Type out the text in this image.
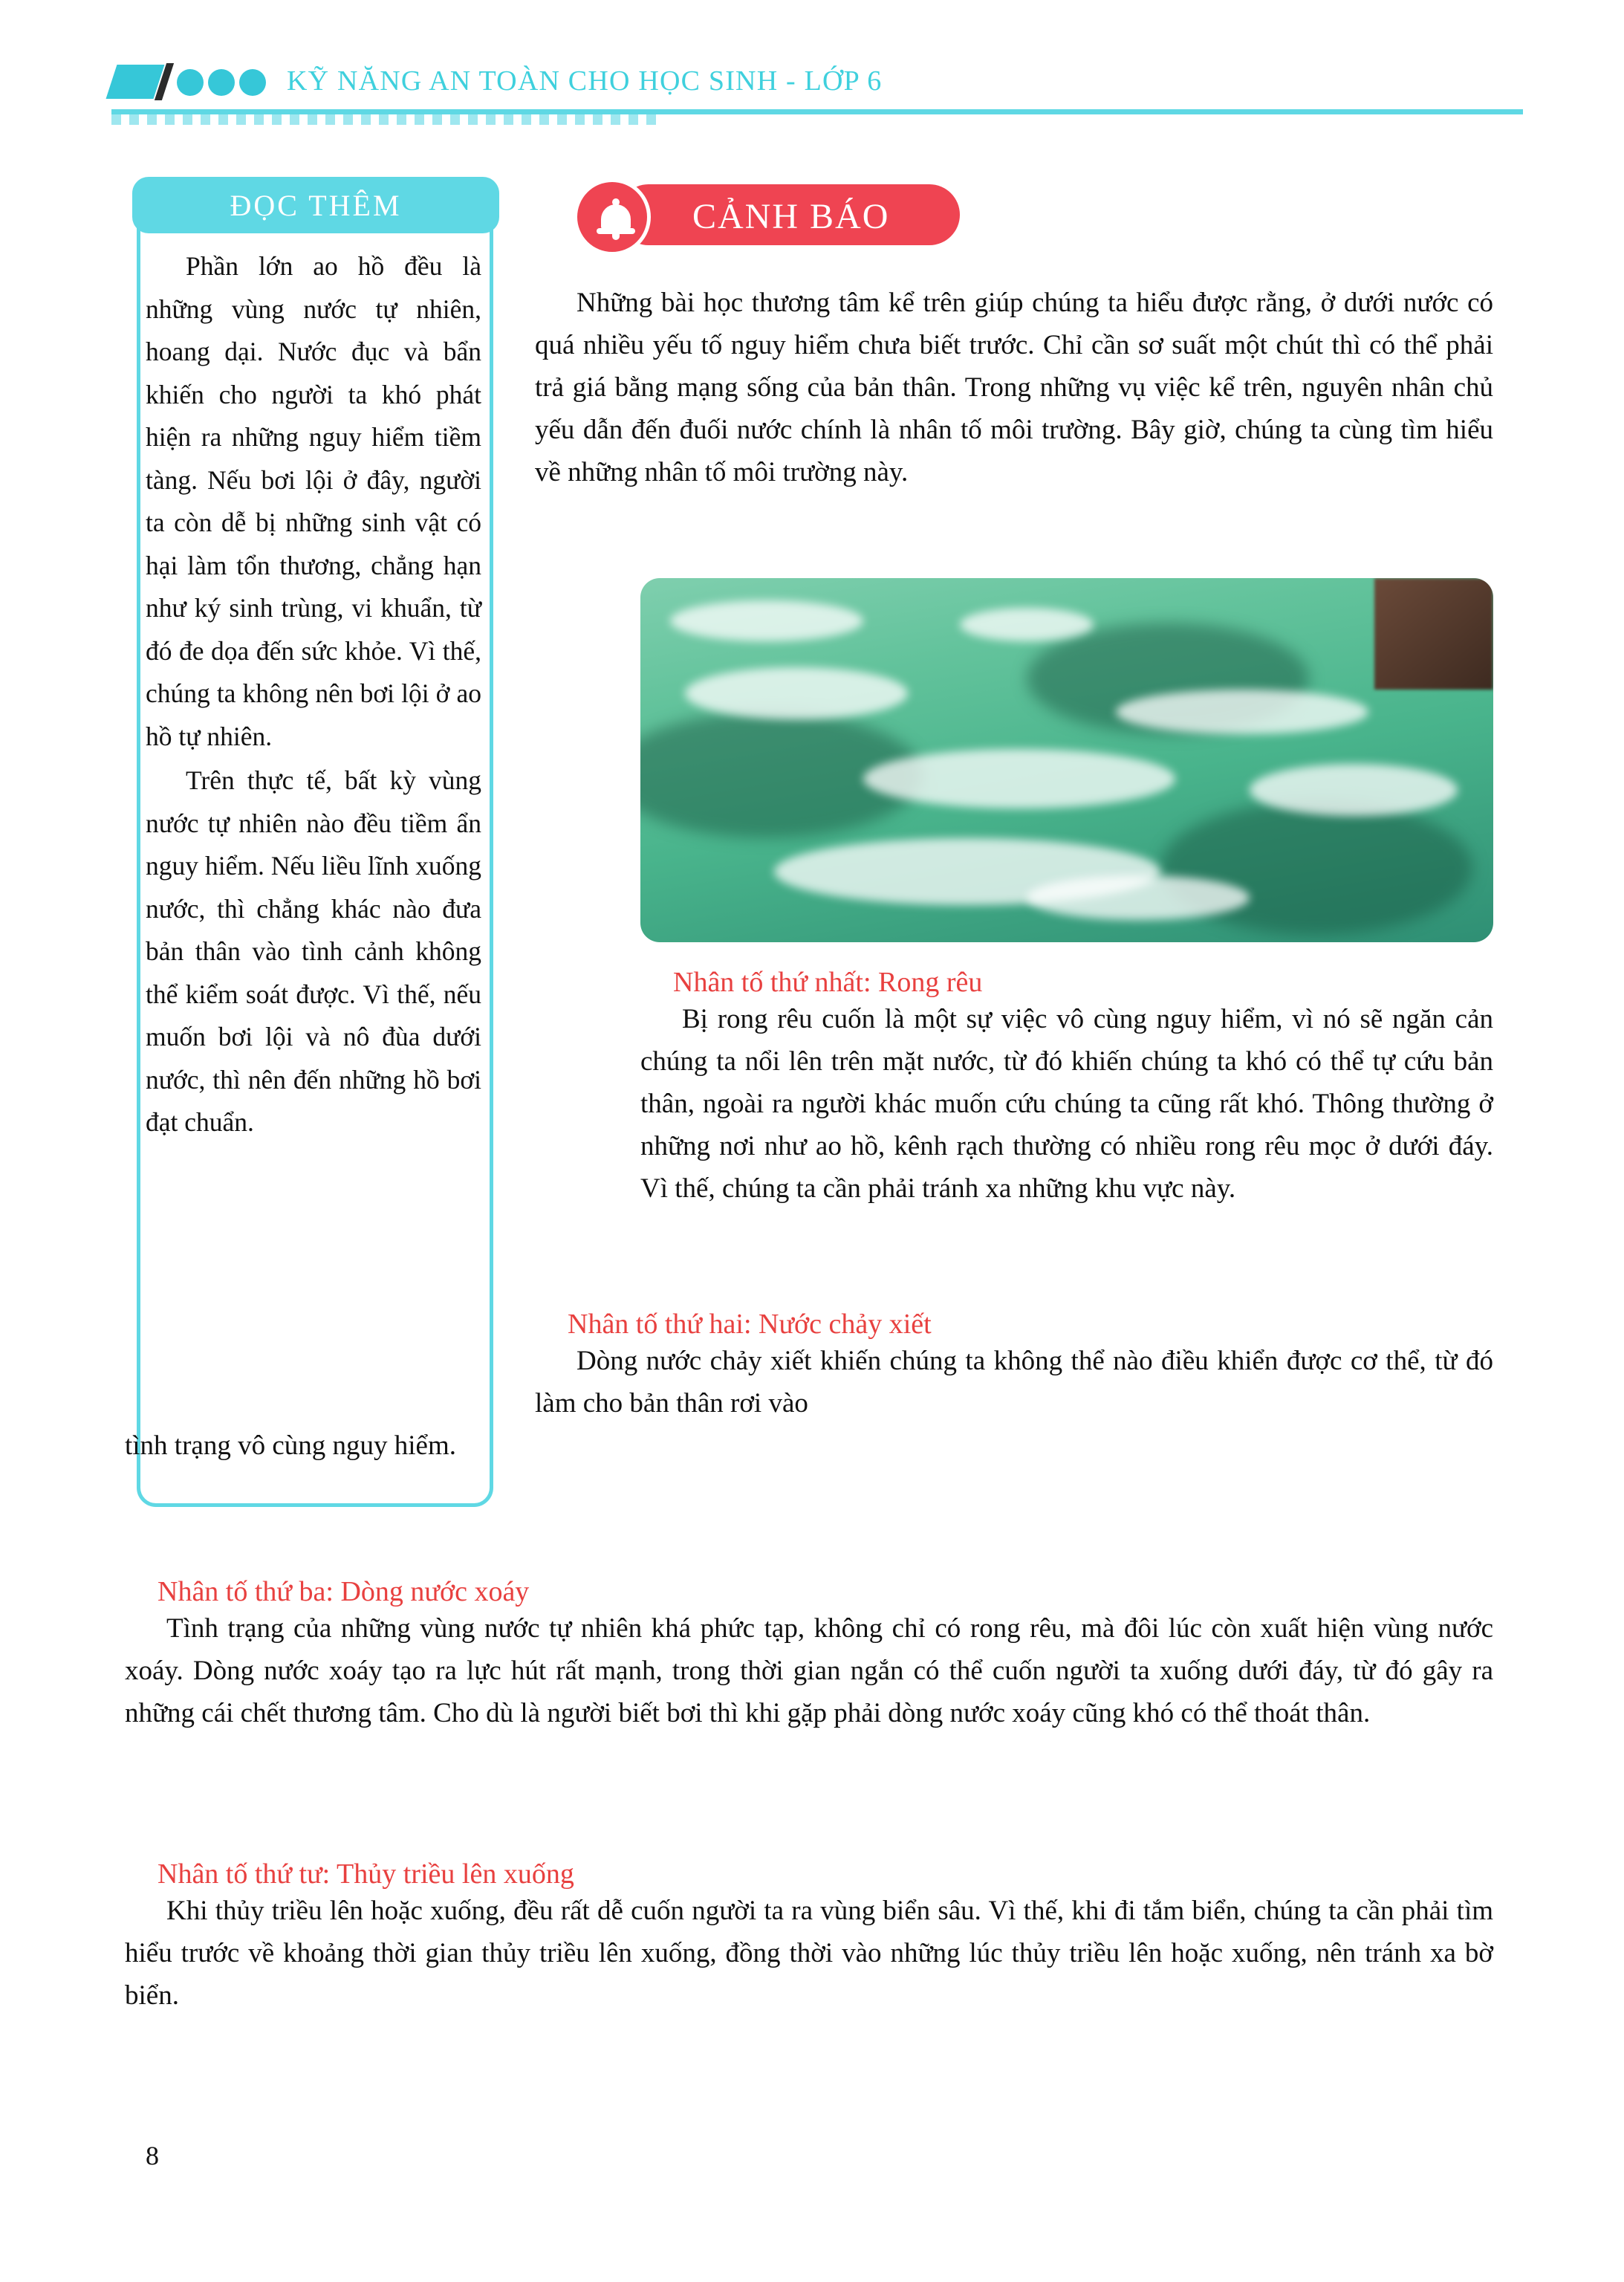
KỸ NĂNG AN TOÀN CHO HỌC SINH - LỚP 6
ĐỌC THÊM

Phần lớn ao hồ đều là những vùng nước tự nhiên, hoang dại. Nước đục và bẩn khiến cho người ta khó phát hiện ra những nguy hiểm tiềm tàng. Nếu bơi lội ở đây, người ta còn dễ bị những sinh vật có hại làm tổn thương, chẳng hạn như ký sinh trùng, vi khuẩn, từ đó đe dọa đến sức khỏe. Vì thế, chúng ta không nên bơi lội ở ao hồ tự nhiên.

Trên thực tế, bất kỳ vùng nước tự nhiên nào đều tiềm ẩn nguy hiểm. Nếu liều lĩnh xuống nước, thì chẳng khác nào đưa bản thân vào tình cảnh không thể kiểm soát được. Vì thế, nếu muốn bơi lội và nô đùa dưới nước, thì nên đến những hồ bơi đạt chuẩn.

CẢNH BÁO

Những bài học thương tâm kể trên giúp chúng ta hiểu được rằng, ở dưới nước có quá nhiều yếu tố nguy hiểm chưa biết trước. Chỉ cần sơ suất một chút thì có thể phải trả giá bằng mạng sống của bản thân. Trong những vụ việc kể trên, nguyên nhân chủ yếu dẫn đến đuối nước chính là nhân tố môi trường. Bây giờ, chúng ta cùng tìm hiểu về những nhân tố môi trường này.

Nhân tố thứ nhất: Rong rêu

Bị rong rêu cuốn là một sự việc vô cùng nguy hiểm, vì nó sẽ ngăn cản chúng ta nổi lên trên mặt nước, từ đó khiến chúng ta khó có thể tự cứu bản thân, ngoài ra người khác muốn cứu chúng ta cũng rất khó. Thông thường ở những nơi như ao hồ, kênh rạch thường có nhiều rong rêu mọc ở dưới đáy. Vì thế, chúng ta cần phải tránh xa những khu vực này.

Nhân tố thứ hai: Nước chảy xiết

Dòng nước chảy xiết khiến chúng ta không thể nào điều khiển được cơ thể, từ đó làm cho bản thân rơi vào

tình trạng vô cùng nguy hiểm.

Nhân tố thứ ba: Dòng nước xoáy

Tình trạng của những vùng nước tự nhiên khá phức tạp, không chỉ có rong rêu, mà đôi lúc còn xuất hiện vùng nước xoáy. Dòng nước xoáy tạo ra lực hút rất mạnh, trong thời gian ngắn có thể cuốn người ta xuống dưới đáy, từ đó gây ra những cái chết thương tâm. Cho dù là người biết bơi thì khi gặp phải dòng nước xoáy cũng khó có thể thoát thân.

Nhân tố thứ tư: Thủy triều lên xuống

Khi thủy triều lên hoặc xuống, đều rất dễ cuốn người ta ra vùng biển sâu. Vì thế, khi đi tắm biển, chúng ta cần phải tìm hiểu trước về khoảng thời gian thủy triều lên xuống, đồng thời vào những lúc thủy triều lên hoặc xuống, nên tránh xa bờ biển.

8
